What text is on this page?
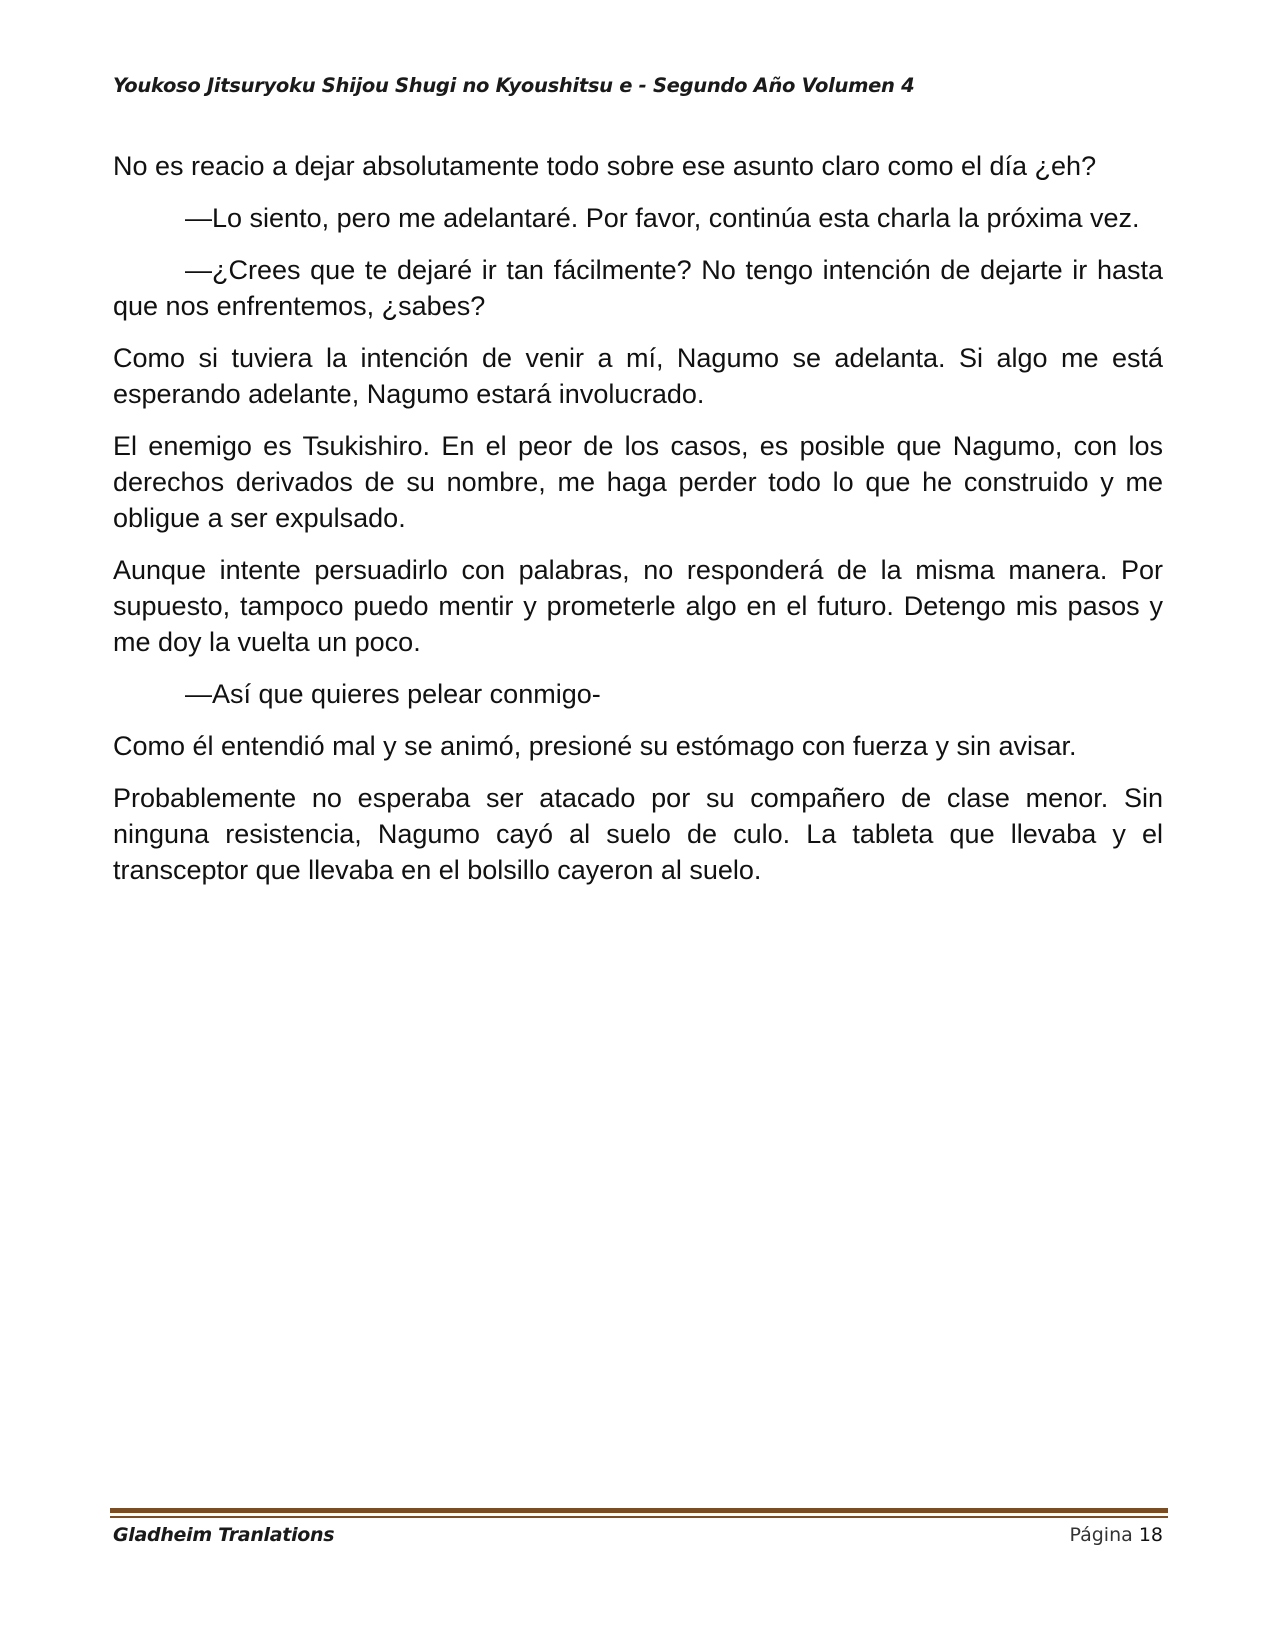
Youkoso Jitsuryoku Shijou Shugi no Kyoushitsu e - Segundo Año Volumen 4

No es reacio a dejar absolutamente todo sobre ese asunto claro como el día ¿eh?

—Lo siento, pero me adelantaré. Por favor, continúa esta charla la próxima vez.

—¿Crees que te dejaré ir tan fácilmente? No tengo intención de dejarte ir hasta que nos enfrentemos, ¿sabes?

Como si tuviera la intención de venir a mí, Nagumo se adelanta. Si algo me está esperando adelante, Nagumo estará involucrado.

El enemigo es Tsukishiro. En el peor de los casos, es posible que Nagumo, con los derechos derivados de su nombre, me haga perder todo lo que he construido y me obligue a ser expulsado.

Aunque intente persuadirlo con palabras, no responderá de la misma manera. Por supuesto, tampoco puedo mentir y prometerle algo en el futuro. Detengo mis pasos y me doy la vuelta un poco.

—Así que quieres pelear conmigo-

Como él entendió mal y se animó, presioné su estómago con fuerza y sin avisar.

Probablemente no esperaba ser atacado por su compañero de clase menor. Sin ninguna resistencia, Nagumo cayó al suelo de culo. La tableta que llevaba y el transceptor que llevaba en el bolsillo cayeron al suelo.

Gladheim Tranlations	Página 18
